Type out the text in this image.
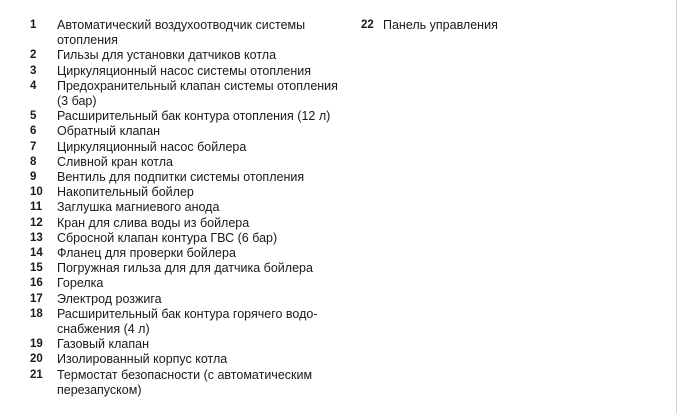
1	Автоматический воздухоотводчик системы
отопления
2	Гильзы для установки датчиков котла
3	Циркуляционный насос системы отопления
4	Предохранительный клапан системы отопления
(3 бар)
5	Расширительный бак контура отопления (12 л)
6	Обратный клапан
7	Циркуляционный насос бойлера
8	Сливной кран котла
9	Вентиль для подпитки системы отопления
10	Накопительный бойлер
11	Заглушка магниевого анода
12	Кран для слива воды из бойлера
13	Сбросной клапан контура ГВС (6 бар)
14	Фланец для проверки бойлера
15	Погружная гильза для для датчика бойлера
16	Горелка
17	Электрод розжига
18	Расширительный бак контура горячего водо-
снабжения (4 л)
19	Газовый клапан
20	Изолированный корпус котла
21	Термостат безопасности (с автоматическим
перезапуском)
22 Панель управления
